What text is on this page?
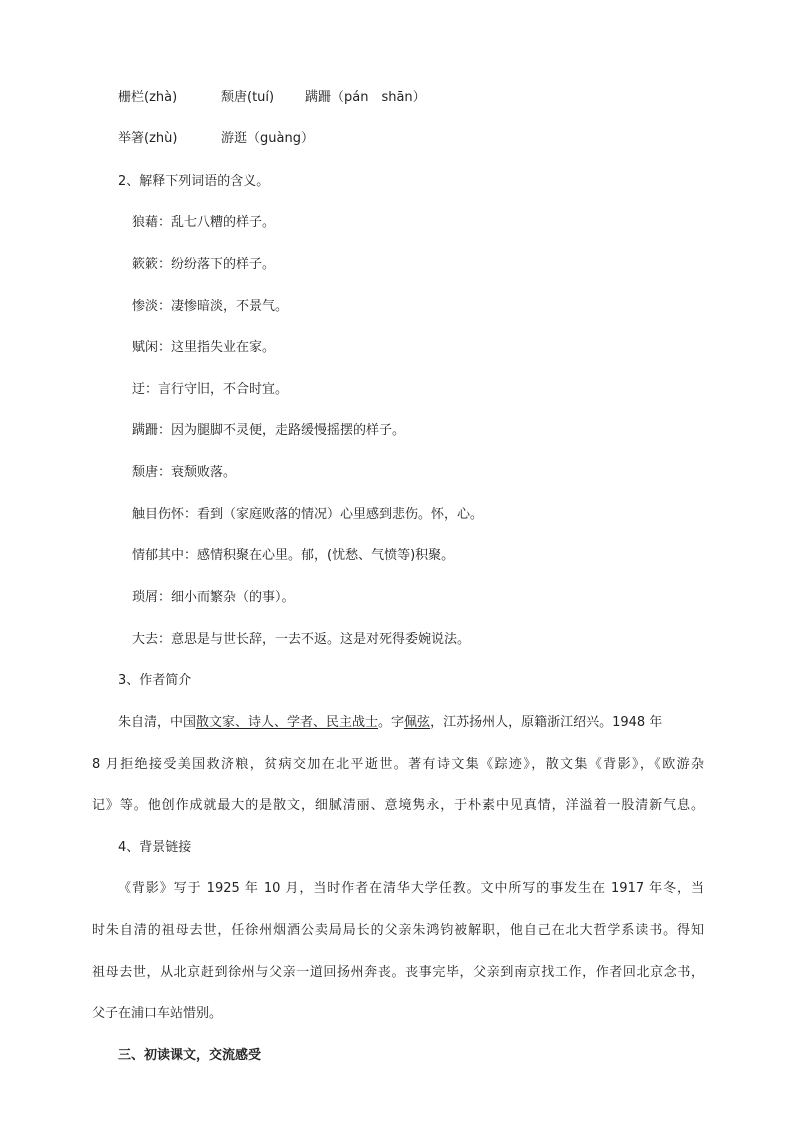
栅栏(zhà)	颓唐(tuí) 蹒跚（pán　shān）
举箸(zhù)	游逛（guàng）
2、解释下列词语的含义。
狼藉：乱七八糟的样子。
簌簌：纷纷落下的样子。
惨淡：凄惨暗淡，不景气。
赋闲：这里指失业在家。
迂：言行守旧，不合时宜。
蹒跚：因为腿脚不灵便，走路缓慢摇摆的样子。
颓唐：衰颓败落。
触目伤怀：看到（家庭败落的情况）心里感到悲伤。怀，心。
情郁其中：感情积聚在心里。郁，(忧愁、气愤等)积聚。
琐屑：细小而繁杂（的事）。
大去：意思是与世长辞，一去不返。这是对死得委婉说法。
3、作者简介
朱自清，中国散文家、诗人、学者、民主战士。字佩弦，江苏扬州人，原籍浙江绍兴。1948 年
8 月拒绝接受美国救济粮，贫病交加在北平逝世。著有诗文集《踪迹》，散文集《背影》，《欧游杂
记》等。他创作成就最大的是散文，细腻清丽、意境隽永，于朴素中见真情，洋溢着一股清新气息。
4、背景链接
《背影》写于 1925 年 10 月，当时作者在清华大学任教。文中所写的事发生在 1917 年冬，当
时朱自清的祖母去世，任徐州烟酒公卖局局长的父亲朱鸿钧被解职，他自己在北大哲学系读书。得知
祖母去世，从北京赶到徐州与父亲一道回扬州奔丧。丧事完毕，父亲到南京找工作，作者回北京念书，
父子在浦口车站惜别。
三、初读课文，交流感受
